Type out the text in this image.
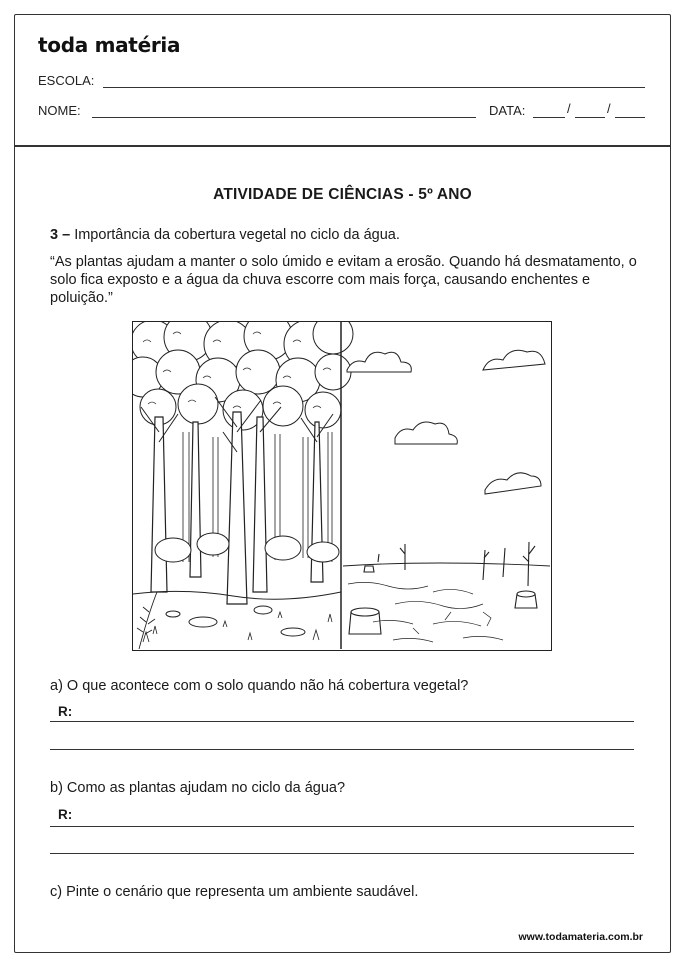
toda matéria
ESCOLA:
NOME:	DATA:	/	/
ATIVIDADE DE CIÊNCIAS - 5º ANO
3 – Importância da cobertura vegetal no ciclo da água.
“As plantas ajudam a manter o solo úmido e evitam a erosão. Quando há desmatamento, o solo fica exposto e a água da chuva escorre com mais força, causando enchentes e poluição.”
a) O que acontece com o solo quando não há cobertura vegetal?
R:
b) Como as plantas ajudam no ciclo da água?
R:
c) Pinte o cenário que representa um ambiente saudável.
www.todamateria.com.br
